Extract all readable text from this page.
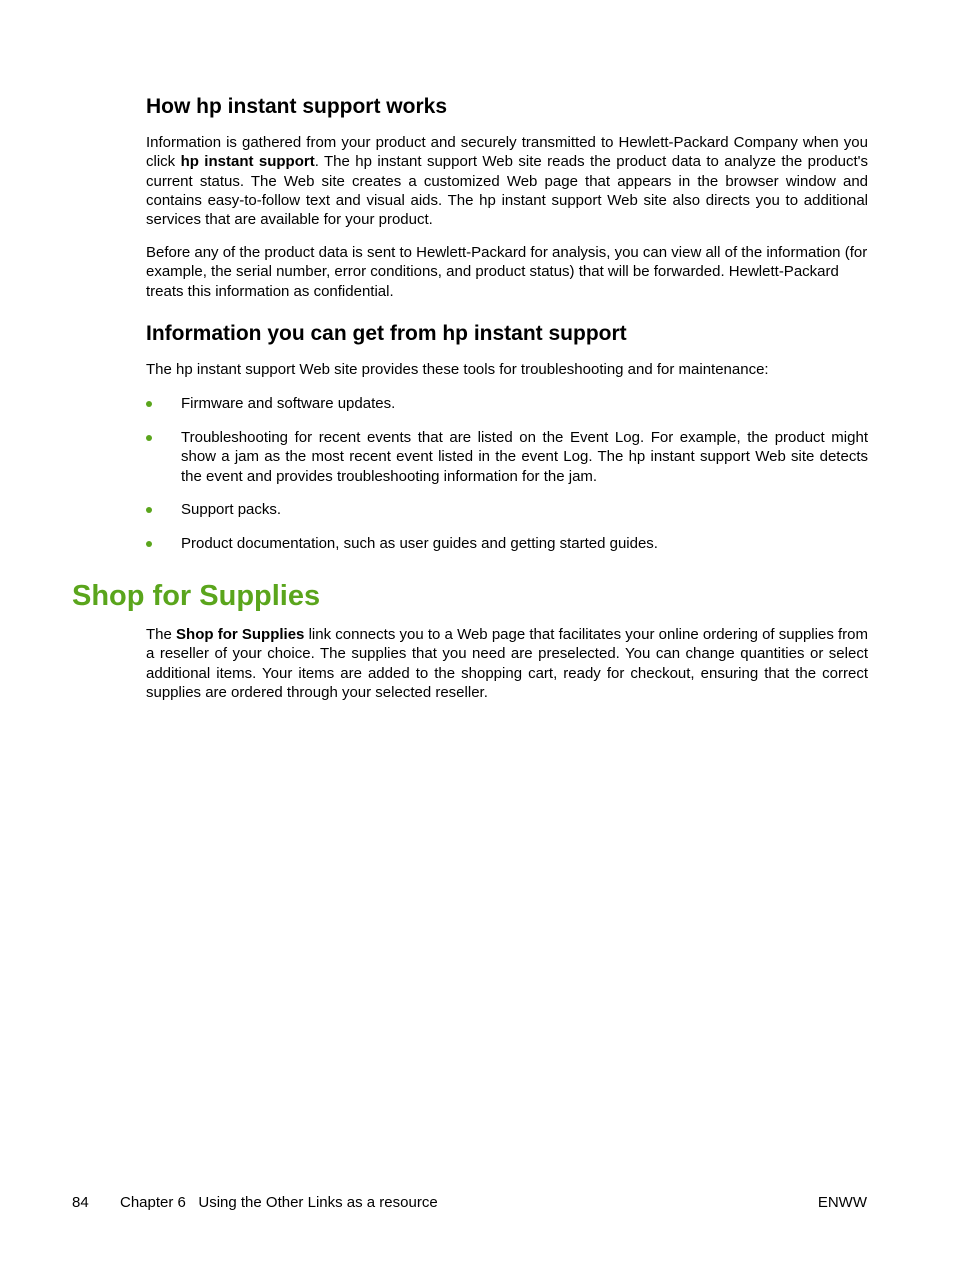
How hp instant support works

Information is gathered from your product and securely transmitted to Hewlett-Packard Company when you click hp instant support. The hp instant support Web site reads the product data to analyze the product's current status. The Web site creates a customized Web page that appears in the browser window and contains easy-to-follow text and visual aids. The hp instant support Web site also directs you to additional services that are available for your product.

Before any of the product data is sent to Hewlett-Packard for analysis, you can view all of the information (for example, the serial number, error conditions, and product status) that will be forwarded. Hewlett-Packard treats this information as confidential.

Information you can get from hp instant support

The hp instant support Web site provides these tools for troubleshooting and for maintenance:

Firmware and software updates.
Troubleshooting for recent events that are listed on the Event Log. For example, the product might show a jam as the most recent event listed in the event Log. The hp instant support Web site detects the event and provides troubleshooting information for the jam.
Support packs.
Product documentation, such as user guides and getting started guides.
Shop for Supplies

The Shop for Supplies link connects you to a Web page that facilitates your online ordering of supplies from a reseller of your choice. The supplies that you need are preselected. You can change quantities or select additional items. Your items are added to the shopping cart, ready for checkout, ensuring that the correct supplies are ordered through your selected reseller.

84 Chapter 6   Using the Other Links as a resource	ENWW
